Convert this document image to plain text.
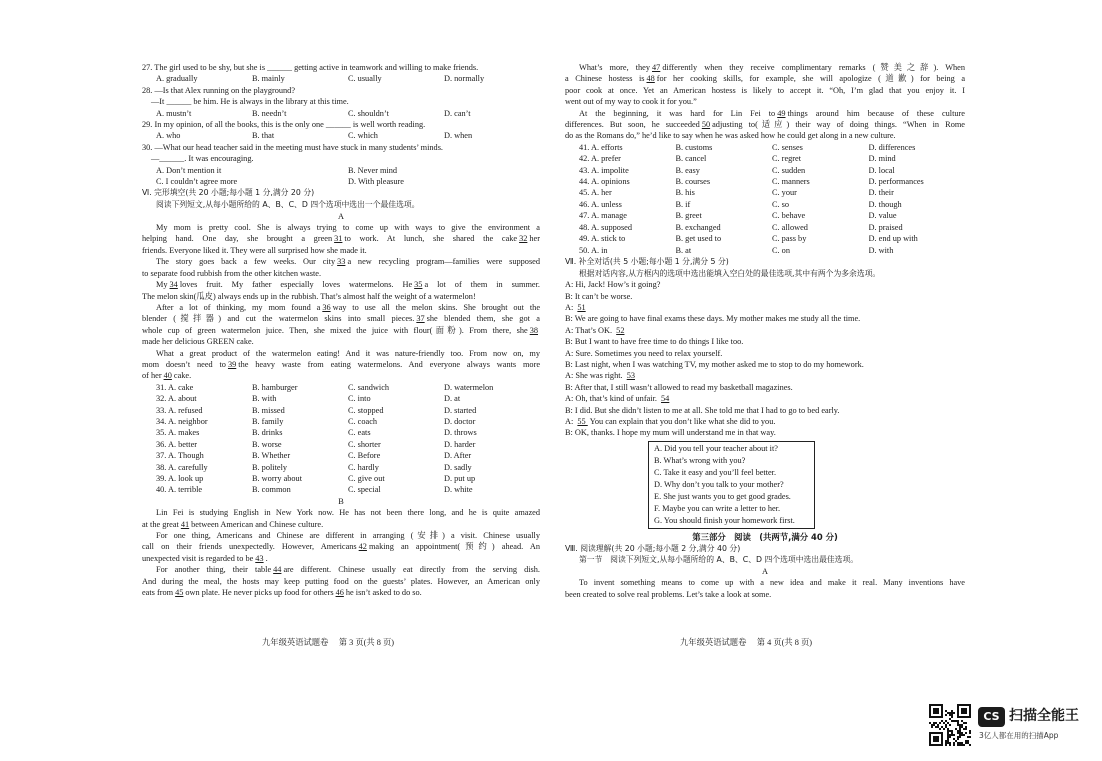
27. The girl used to be shy, but she is ______ getting active in teamwork and willing to make friends.
A. gradually	B. mainly	C. usually	D. normally
28. —Is that Alex running on the playground?
—It ______ be him. He is always in the library at this time.
A. mustn’t	B. needn’t	C. shouldn’t	D. can’t
29. In my opinion, of all the books, this is the only one ______ is well worth reading.
A. who	B. that	C. which	D. when
30. —What our head teacher said in the meeting must have stuck in many students’ minds.
—______. It was encouraging.
A. Don’t mention it	B. Never mind
C. I couldn’t agree more	D. With pleasure
Ⅵ. 完形填空(共 20 小题;每小题 1 分,满分 20 分)
阅读下列短文,从每小题所给的 A、B、C、D 四个选项中选出一个最佳选项。
A
My mom is pretty cool. She is always trying to come up with ways to give the environment a
helping hand. One day, she brought a green 31 to work. At lunch, she shared the cake 32 her
friends. Everyone liked it. They were all surprised how she made it.
The story goes back a few weeks. Our city 33 a new recycling program—families were supposed
to separate food rubbish from the other kitchen waste.
My 34 loves fruit. My father especially loves watermelons. He 35 a lot of them in summer.
The melon skin(瓜皮) always ends up in the rubbish. That’s almost half the weight of a watermelon!
After a lot of thinking, my mom found a 36 way to use all the melon skins. She brought out the
blender (搅拌器) and cut the watermelon skins into small pieces. 37 she blended them, she got a
whole cup of green watermelon juice. Then, she mixed the juice with flour(面粉). From there, she 38
made her delicious GREEN cake.
What a great product of the watermelon eating! And it was nature-friendly too. From now on, my
mom doesn’t need to 39 the heavy waste from eating watermelons. And everyone always wants more
of her 40 cake.
31. A. cake	B. hamburger	C. sandwich	D. watermelon
32. A. about	B. with	C. into	D. at
33. A. refused	B. missed	C. stopped	D. started
34. A. neighbor	B. family	C. coach	D. doctor
35. A. makes	B. drinks	C. eats	D. throws
36. A. better	B. worse	C. shorter	D. harder
37. A. Though	B. Whether	C. Before	D. After
38. A. carefully	B. politely	C. hardly	D. sadly
39. A. look up	B. worry about	C. give out	D. put up
40. A. terrible	B. common	C. special	D. white
B
Lin Fei is studying English in New York now. He has not been there long, and he is quite amazed
at the great 41 between American and Chinese culture.
For one thing, Americans and Chinese are different in arranging (安排) a visit. Chinese usually
call on their friends unexpectedly. However, Americans 42 making an appointment(预约) ahead. An
unexpected visit is regarded to be 43 .
For another thing, their table 44 are different. Chinese usually eat directly from the serving dish.
And during the meal, the hosts may keep putting food on the guests’ plates. However, an American only
eats from 45 own plate. He never picks up food for others 46 he isn’t asked to do so.
What’s more, they 47 differently when they receive complimentary remarks (赞美之辞). When
a Chinese hostess is 48 for her cooking skills, for example, she will apologize (道歉) for being a
poor cook at once. Yet an American hostess is likely to accept it. “Oh, I’m glad that you enjoy it. I
went out of my way to cook it for you.”
At the beginning, it was hard for Lin Fei to 49 things around him because of these culture
differences. But soon, he succeeded 50 adjusting to(适应) their way of doing things. “When in Rome
do as the Romans do,” he’d like to say when he was asked how he could get along in a new culture.
41. A. efforts	B. customs	C. senses	D. differences
42. A. prefer	B. cancel	C. regret	D. mind
43. A. impolite	B. easy	C. sudden	D. local
44. A. opinions	B. courses	C. manners	D. performances
45. A. her	B. his	C. your	D. their
46. A. unless	B. if	C. so	D. though
47. A. manage	B. greet	C. behave	D. value
48. A. supposed	B. exchanged	C. allowed	D. praised
49. A. stick to	B. get used to	C. pass by	D. end up with
50. A. in	B. at	C. on	D. with
Ⅶ. 补全对话(共 5 小题;每小题 1 分,满分 5 分)
根据对话内容,从方框内的选项中选出能填入空白处的最佳选项,其中有两个为多余选项。
A: Hi, Jack! How’s it going?
B: It can’t be worse.
A: 51
B: We are going to have final exams these days. My mother makes me study all the time.
A: That’s OK. 52
B: But I want to have free time to do things I like too.
A: Sure. Sometimes you need to relax yourself.
B: Last night, when I was watching TV, my mother asked me to stop to do my homework.
A: She was right. 53
B: After that, I still wasn’t allowed to read my basketball magazines.
A: Oh, that’s kind of unfair. 54
B: I did. But she didn’t listen to me at all. She told me that I had to go to bed early.
A: 55 You can explain that you don’t like what she did to you.
B: OK, thanks. I hope my mum will understand me in that way.
A. Did you tell your teacher about it?
B. What’s wrong with you?
C. Take it easy and you’ll feel better.
D. Why don’t you talk to your mother?
E. She just wants you to get good grades.
F. Maybe you can write a letter to her.
G. You should finish your homework first.
第三部分　阅读　(共两节,满分 40 分)
Ⅷ. 阅读理解(共 20 小题;每小题 2 分,满分 40 分)
第一节　阅读下列短文,从每小题所给的 A、B、C、D 四个选项中选出最佳选项。
A
To invent something means to come up with a new idea and make it real. Many inventions have
been created to solve real problems. Let’s take a look at some.
九年级英语试题卷　 第 3 页(共 8 页)	九年级英语试题卷　 第 4 页(共 8 页)
CS 扫描全能王
3亿人都在用的扫描App
